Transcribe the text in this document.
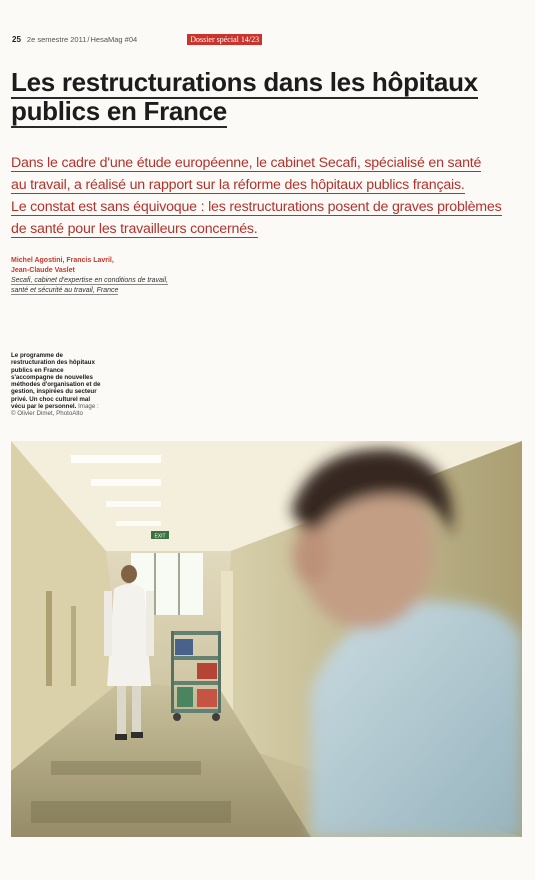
25 2e semestre 2011 / HesaMag #04	Dossier spécial 14/23
Les restructurations dans les hôpitaux
publics en France

Dans le cadre d'une étude européenne, le cabinet Secafi, spécialisé en santé
au travail, a réalisé un rapport sur la réforme des hôpitaux publics français.
Le constat est sans équivoque : les restructurations posent de graves problèmes
de santé pour les travailleurs concernés.

Michel Agostini, Francis Lavril,
Jean-Claude Vaslet
Secafi, cabinet d'expertise en conditions de travail,
santé et sécurité au travail, France
Le programme de restructuration des hôpitaux publics en France s'accompagne de nouvelles méthodes d'organisation et de gestion, inspirées du secteur privé. Un choc culturel mal vécu par le personnel. Image : © Olivier Dimet, PhotoAlto
EXIT
